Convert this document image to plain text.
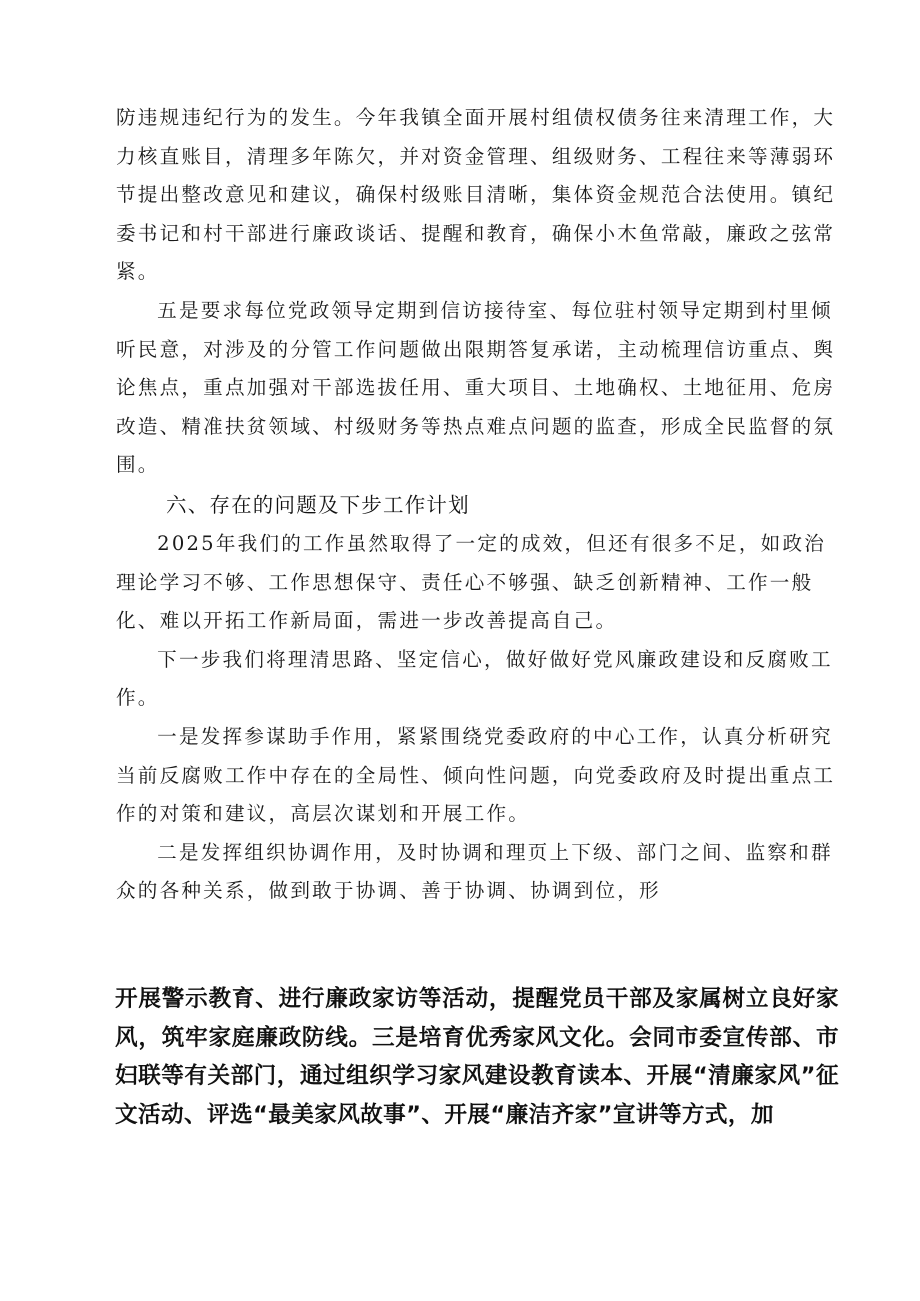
防违规违纪行为的发生。今年我镇全面开展村组债权债务往来清理工作，大力核直账目，清理多年陈欠，并对资金管理、组级财务、工程往来等薄弱环节提出整改意见和建议，确保村级账目清晰，集体资金规范合法使用。镇纪委书记和村干部进行廉政谈话、提醒和教育，确保小木鱼常敲，廉政之弦常紧。

五是要求每位党政领导定期到信访接待室、每位驻村领导定期到村里倾听民意，对涉及的分管工作问题做出限期答复承诺，主动梳理信访重点、舆论焦点，重点加强对干部选拔任用、重大项目、土地确权、土地征用、危房改造、精准扶贫领域、村级财务等热点难点问题的监查，形成全民监督的氛围。

六、存在的问题及下步工作计划

2025年我们的工作虽然取得了一定的成效，但还有很多不足，如政治理论学习不够、工作思想保守、责任心不够强、缺乏创新精神、工作一般化、难以开拓工作新局面，需进一步改善提高自己。

下一步我们将理清思路、坚定信心，做好做好党风廉政建设和反腐败工作。

一是发挥参谋助手作用，紧紧围绕党委政府的中心工作，认真分析研究当前反腐败工作中存在的全局性、倾向性问题，向党委政府及时提出重点工作的对策和建议，高层次谋划和开展工作。

二是发挥组织协调作用，及时协调和理页上下级、部门之间、监察和群众的各种关系，做到敢于协调、善于协调、协调到位，形

开展警示教育、进行廉政家访等活动，提醒党员干部及家属树立良好家风，筑牢家庭廉政防线。三是培育优秀家风文化。会同市委宣传部、市妇联等有关部门，通过组织学习家风建设教育读本、开展“清廉家风”征文活动、评选“最美家风故事”、开展“廉洁齐家”宣讲等方式，加
